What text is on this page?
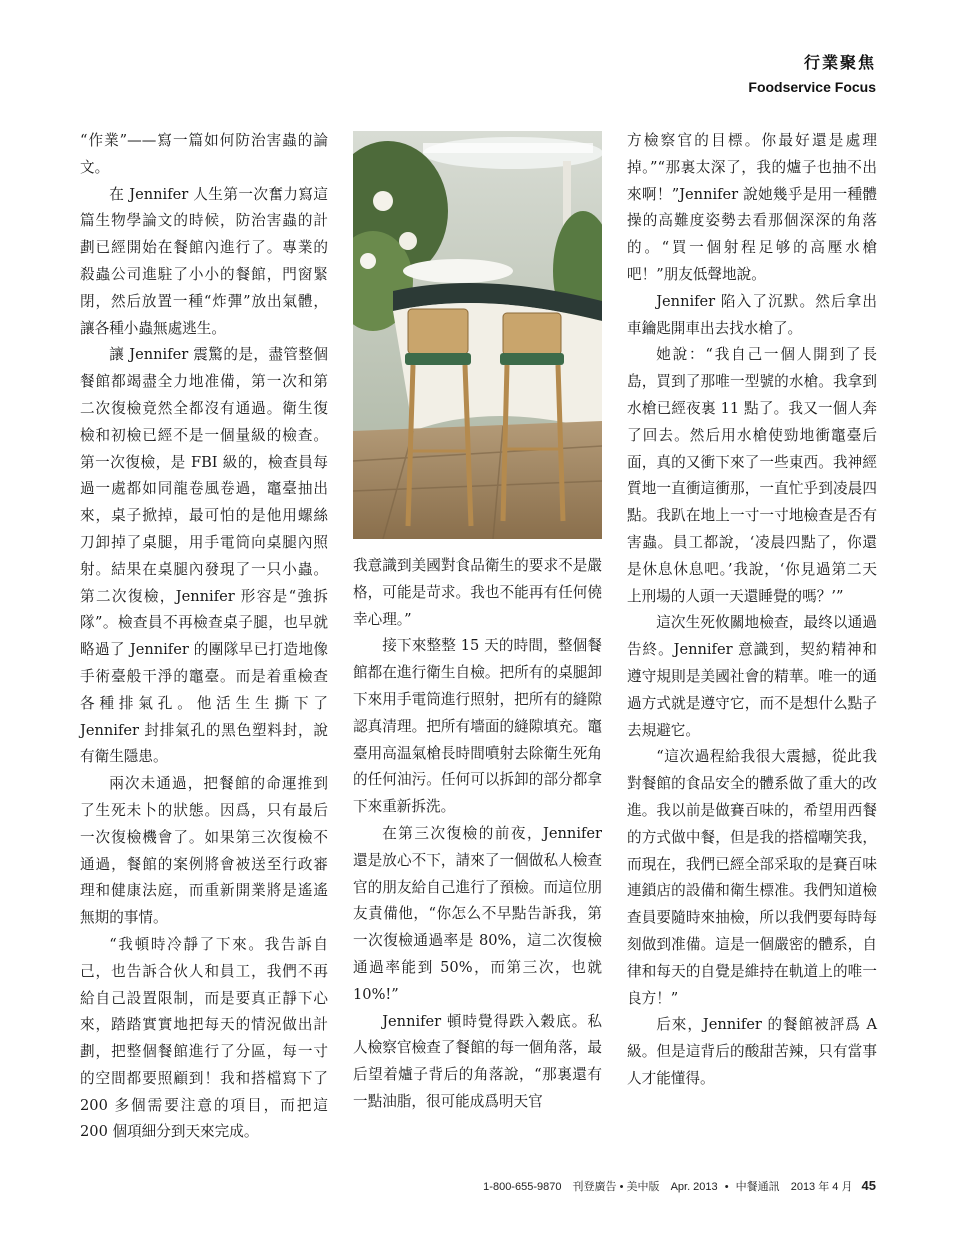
行業聚焦
Foodservice Focus

“作業”——寫一篇如何防治害蟲的論文。

在 Jennifer 人生第一次奮力寫這篇生物學論文的時候，防治害蟲的計劃已經開始在餐館內進行了。專業的殺蟲公司進駐了小小的餐館，門窗緊閉，然后放置一種“炸彈”放出氣體，讓各種小蟲無處逃生。

讓 Jennifer 震驚的是，盡管整個餐館都竭盡全力地准備，第一次和第二次復檢竟然全都沒有通過。衛生復檢和初檢已經不是一個量級的檢查。第一次復檢，是 FBI 級的，檢查員每過一處都如同龍卷風卷過，竈臺抽出來，桌子掀掉，最可怕的是他用螺絲刀卸掉了桌腿，用手電筒向桌腿內照射。結果在桌腿內發現了一只小蟲。第二次復檢，Jennifer 形容是“強拆隊”。檢查員不再檢查桌子腿，也早就略過了 Jennifer 的團隊早已打造地像手術臺般干淨的竈臺。而是着重檢查各種排氣孔。他活生生撕下了 Jennifer 封排氣孔的黑色塑料封，說有衛生隱患。

兩次未通過，把餐館的命運推到了生死未卜的狀態。因爲，只有最后一次復檢機會了。如果第三次復檢不通過，餐館的案例將會被送至行政審理和健康法庭，而重新開業將是遙遙無期的事情。

“我頓時冷靜了下來。我告訴自己，也告訴合伙人和員工，我們不再給自己設置限制，而是要真正靜下心來，踏踏實實地把每天的情況做出計劃，把整個餐館進行了分區，每一寸的空間都要照顧到！我和搭檔寫下了 200 多個需要注意的項目，而把這 200 個項細分到天來完成。

我意識到美國對食品衛生的要求不是嚴格，可能是苛求。我也不能再有任何僥幸心理。”

接下來整整 15 天的時間，整個餐館都在進行衛生自檢。把所有的桌腿卸下來用手電筒進行照射，把所有的縫隙認真清理。把所有墻面的縫隙填充。竈臺用高温氣槍長時間噴射去除衛生死角的任何油污。任何可以拆卸的部分都拿下來重新拆洗。

在第三次復檢的前夜，Jennifer 還是放心不下，請來了一個做私人檢查官的朋友給自己進行了預檢。而這位朋友責備他，“你怎么不早點告訴我，第一次復檢通過率是 80%，這二次復檢通過率能到 50%，而第三次，也就 10%!”

Jennifer 頓時覺得跌入穀底。私人檢察官檢查了餐館的每一個角落，最后望着爐子背后的角落說，“那裏還有一點油脂，很可能成爲明天官

方檢察官的目標。你最好還是處理掉。”“那裏太深了，我的爐子也抽不出來啊！”Jennifer 說她幾乎是用一種體操的高難度姿勢去看那個深深的角落的。“買一個射程足够的高壓水槍吧！”朋友低聲地說。

Jennifer 陷入了沉默。然后拿出車鑰匙開車出去找水槍了。

她說：“我自己一個人開到了長島，買到了那唯一型號的水槍。我拿到水槍已經夜裏 11 點了。我又一個人奔了回去。然后用水槍使勁地衝竈臺后面，真的又衝下來了一些東西。我神經質地一直衝這衝那，一直忙乎到凌晨四點。我趴在地上一寸一寸地檢查是否有害蟲。員工都說，‘凌晨四點了，你還是休息休息吧。’我說，‘你見過第二天上刑場的人頭一天還睡覺的嗎？’”

這次生死攸關地檢查，最终以通過告終。Jennifer 意識到，契約精神和遵守規則是美國社會的精華。唯一的通過方式就是遵守它，而不是想什么點子去規避它。

“這次過程給我很大震撼，從此我對餐館的食品安全的體系做了重大的改進。我以前是做賽百味的，希望用西餐的方式做中餐，但是我的搭檔嘲笑我，而現在，我們已經全部采取的是賽百味連鎖店的設備和衛生標准。我們知道檢查員要隨時來抽檢，所以我們要每時每刻做到准備。這是一個嚴密的體系，自律和每天的自覺是維持在軌道上的唯一良方！”

后來，Jennifer 的餐館被評爲 A 級。但是這背后的酸甜苦辣，只有當事人才能懂得。

1-800-655-9870 刊登廣告 • 美中版 Apr. 2013 • 中餐通訊 2013 年 4 月 45
